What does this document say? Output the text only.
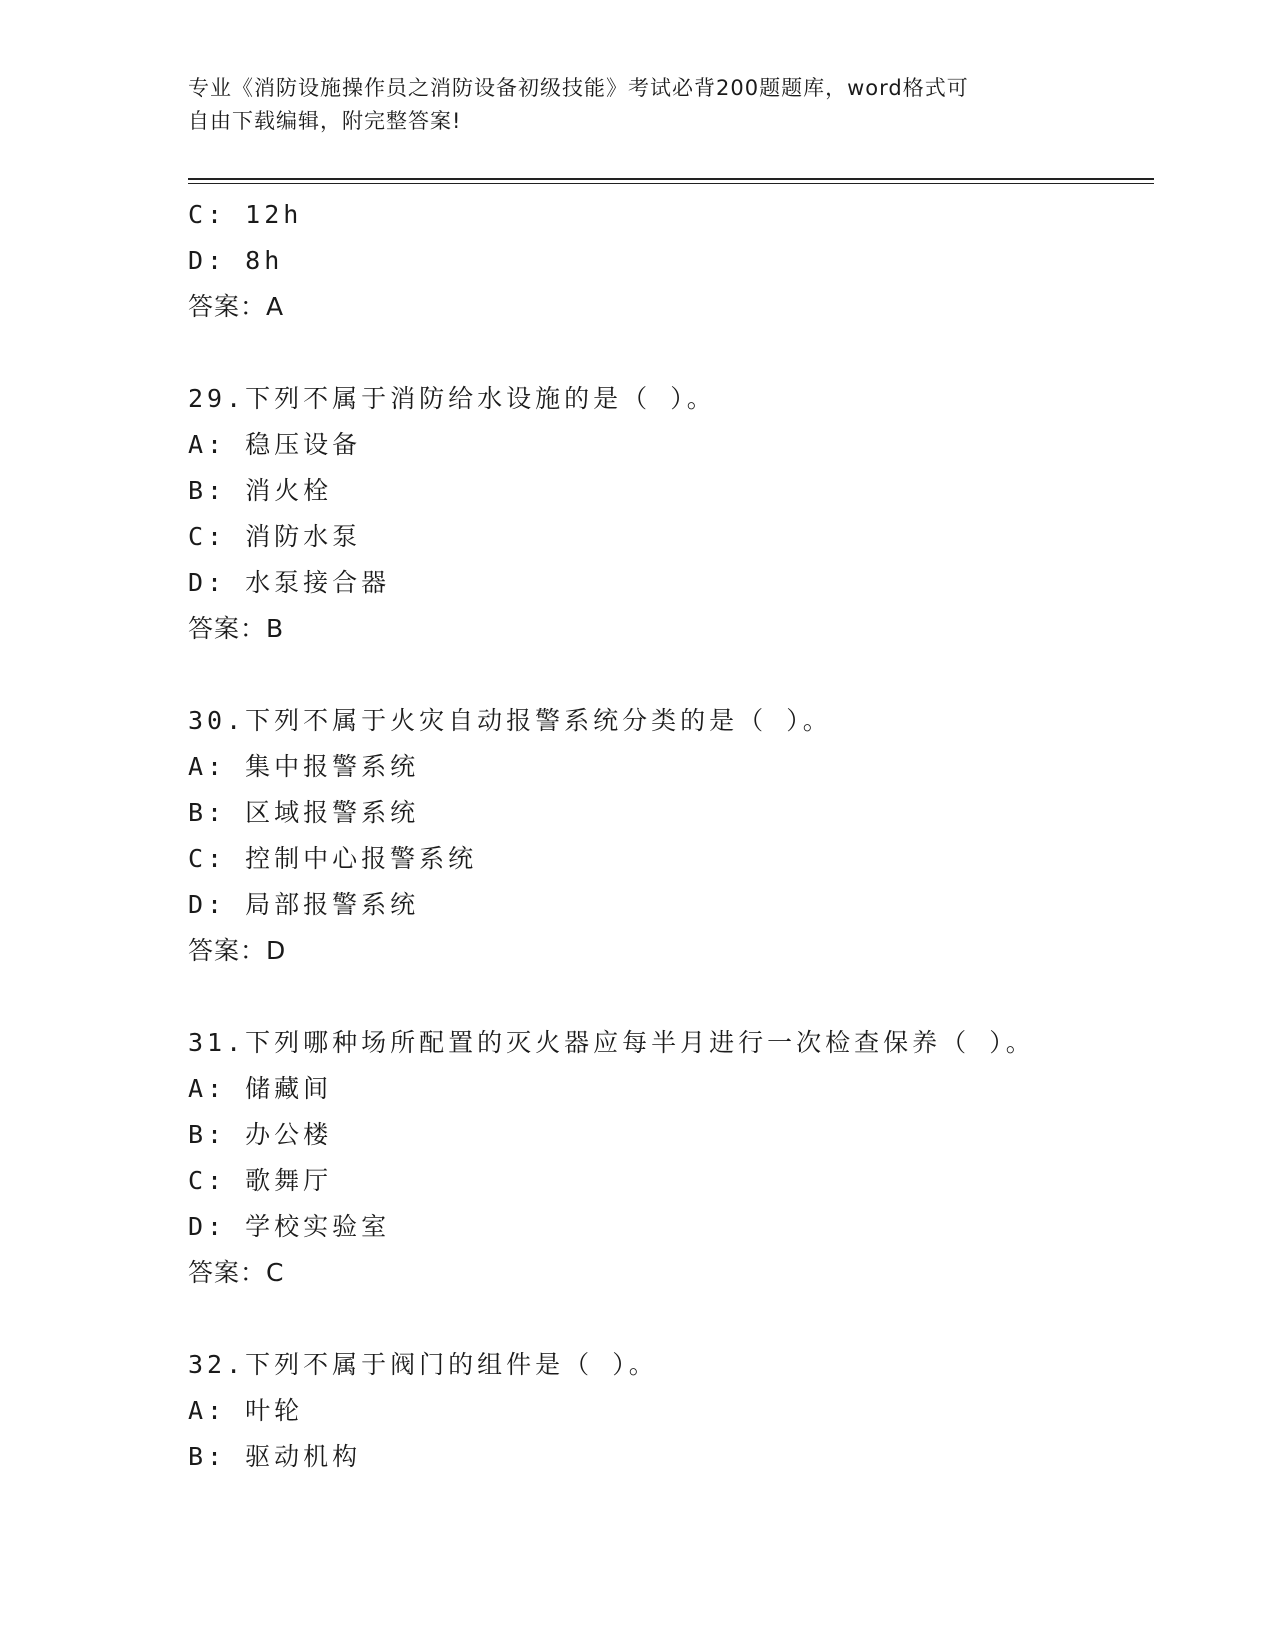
专业《消防设施操作员之消防设备初级技能》考试必背200题题库，word格式可
自由下载编辑，附完整答案!
C: 12h
D: 8h
答案：A
29.下列不属于消防给水设施的是（ ）。
A: 稳压设备
B: 消火栓
C: 消防水泵
D: 水泵接合器
答案：B
30.下列不属于火灾自动报警系统分类的是（ ）。
A: 集中报警系统
B: 区域报警系统
C: 控制中心报警系统
D: 局部报警系统
答案：D
31.下列哪种场所配置的灭火器应每半月进行一次检查保养（ ）。
A: 储藏间
B: 办公楼
C: 歌舞厅
D: 学校实验室
答案：C
32.下列不属于阀门的组件是（ ）。
A: 叶轮
B: 驱动机构
